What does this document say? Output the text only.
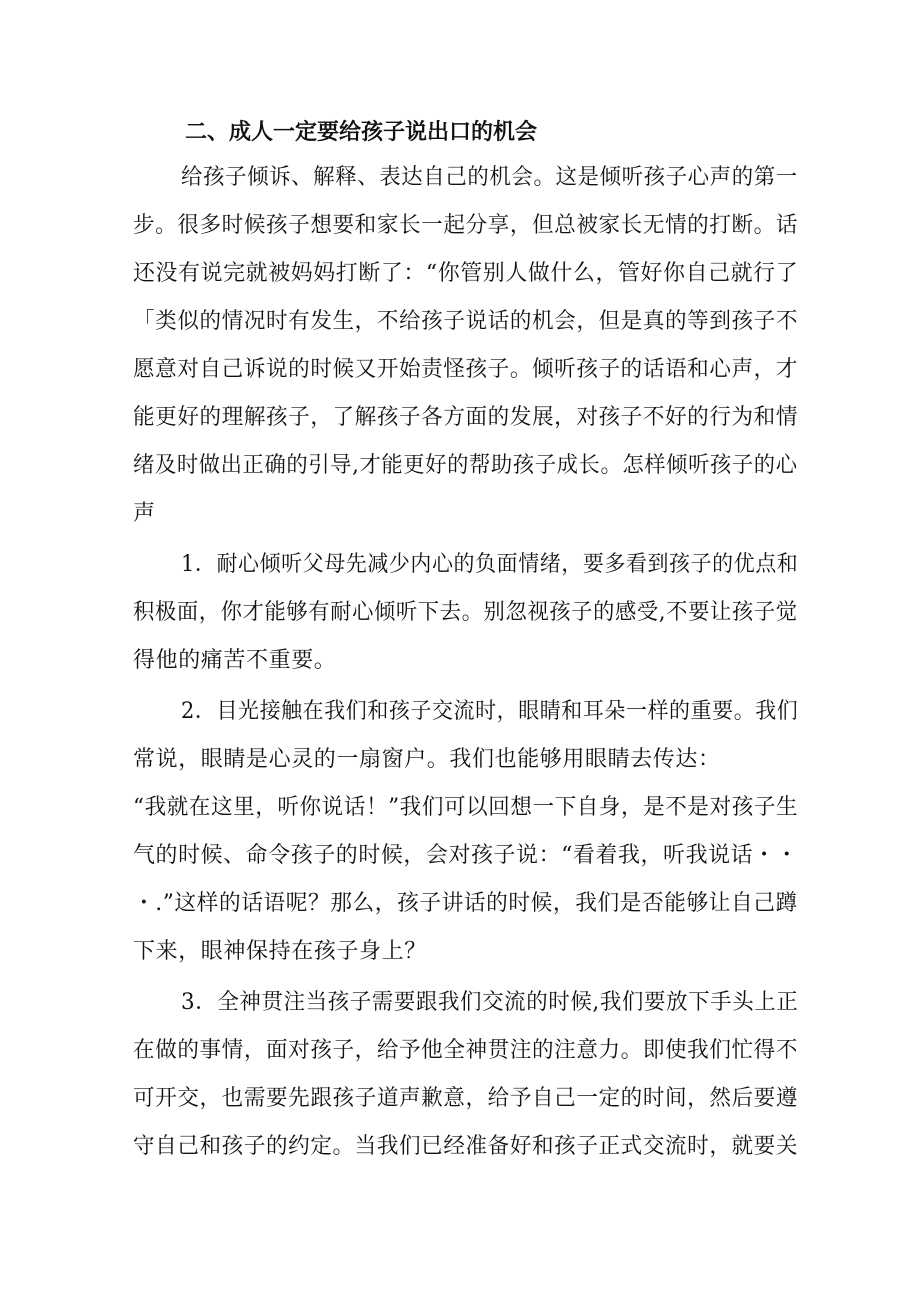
二、成人一定要给孩子说出口的机会
给孩子倾诉、解释、表达自己的机会。这是倾听孩子心声的第一
步。很多时候孩子想要和家长一起分享，但总被家长无情的打断。话
还没有说完就被妈妈打断了：“你管别人做什么，管好你自己就行了
「类似的情况时有发生，不给孩子说话的机会，但是真的等到孩子不
愿意对自己诉说的时候又开始责怪孩子。倾听孩子的话语和心声，才
能更好的理解孩子，了解孩子各方面的发展，对孩子不好的行为和情
绪及时做出正确的引导,才能更好的帮助孩子成长。怎样倾听孩子的心
声
1．耐心倾听父母先减少内心的负面情绪，要多看到孩子的优点和
积极面，你才能够有耐心倾听下去。别忽视孩子的感受,不要让孩子觉
得他的痛苦不重要。
2．目光接触在我们和孩子交流时，眼睛和耳朵一样的重要。我们
常说，眼睛是心灵的一扇窗户。我们也能够用眼睛去传达：
“我就在这里，听你说话！”我们可以回想一下自身，是不是对孩子生
气的时候、命令孩子的时候，会对孩子说：“看着我，听我说话・・
・.”这样的话语呢？那么，孩子讲话的时候，我们是否能够让自己蹲
下来，眼神保持在孩子身上？
3．全神贯注当孩子需要跟我们交流的时候,我们要放下手头上正
在做的事情，面对孩子，给予他全神贯注的注意力。即使我们忙得不
可开交，也需要先跟孩子道声歉意，给予自己一定的时间，然后要遵
守自己和孩子的约定。当我们已经准备好和孩子正式交流时，就要关
